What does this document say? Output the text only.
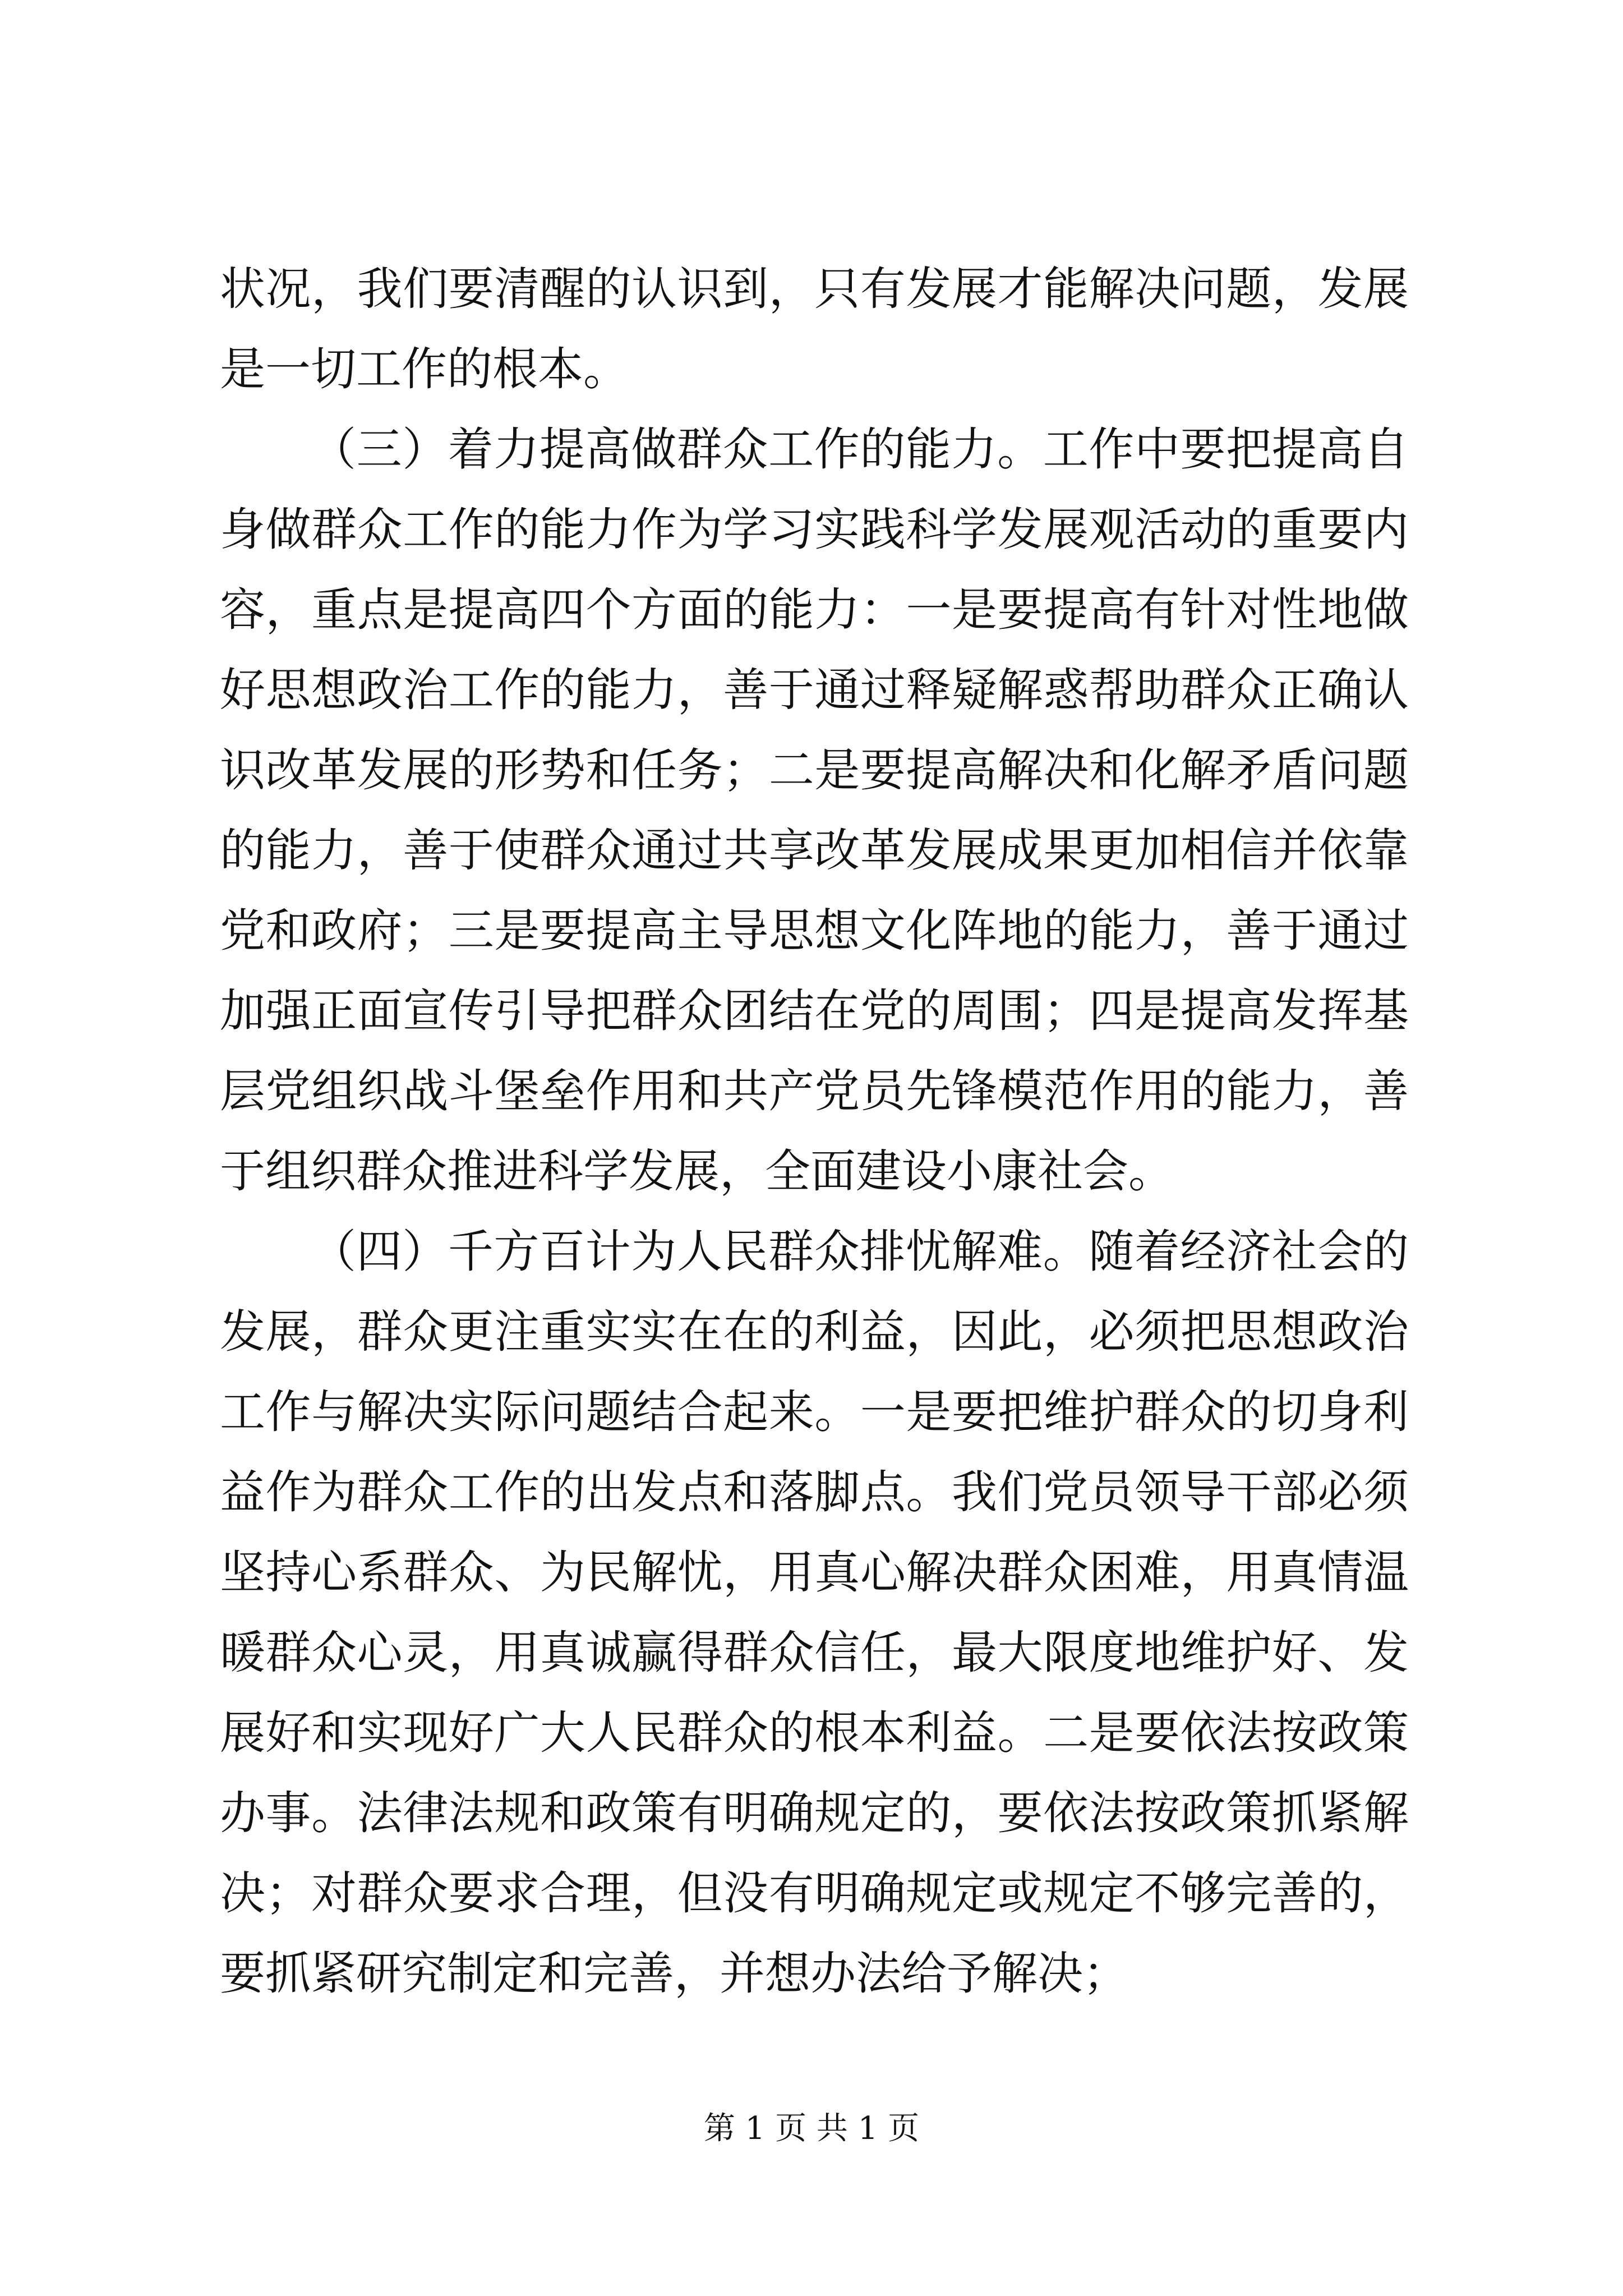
状况，我们要清醒的认识到，只有发展才能解决问题，发展是一切工作的根本。

（三）着力提高做群众工作的能力。工作中要把提高自身做群众工作的能力作为学习实践科学发展观活动的重要内容，重点是提高四个方面的能力：一是要提高有针对性地做好思想政治工作的能力，善于通过释疑解惑帮助群众正确认识改革发展的形势和任务；二是要提高解决和化解矛盾问题的能力，善于使群众通过共享改革发展成果更加相信并依靠党和政府；三是要提高主导思想文化阵地的能力，善于通过加强正面宣传引导把群众团结在党的周围；四是提高发挥基层党组织战斗堡垒作用和共产党员先锋模范作用的能力，善于组织群众推进科学发展，全面建设小康社会。

（四）千方百计为人民群众排忧解难。随着经济社会的发展，群众更注重实实在在的利益，因此，必须把思想政治工作与解决实际问题结合起来。一是要把维护群众的切身利益作为群众工作的出发点和落脚点。我们党员领导干部必须坚持心系群众、为民解忧，用真心解决群众困难，用真情温暖群众心灵，用真诚赢得群众信任，最大限度地维护好、发展好和实现好广大人民群众的根本利益。二是要依法按政策办事。法律法规和政策有明确规定的，要依法按政策抓紧解决；对群众要求合理，但没有明确规定或规定不够完善的，要抓紧研究制定和完善，并想办法给予解决；

第 1 页 共 1 页
